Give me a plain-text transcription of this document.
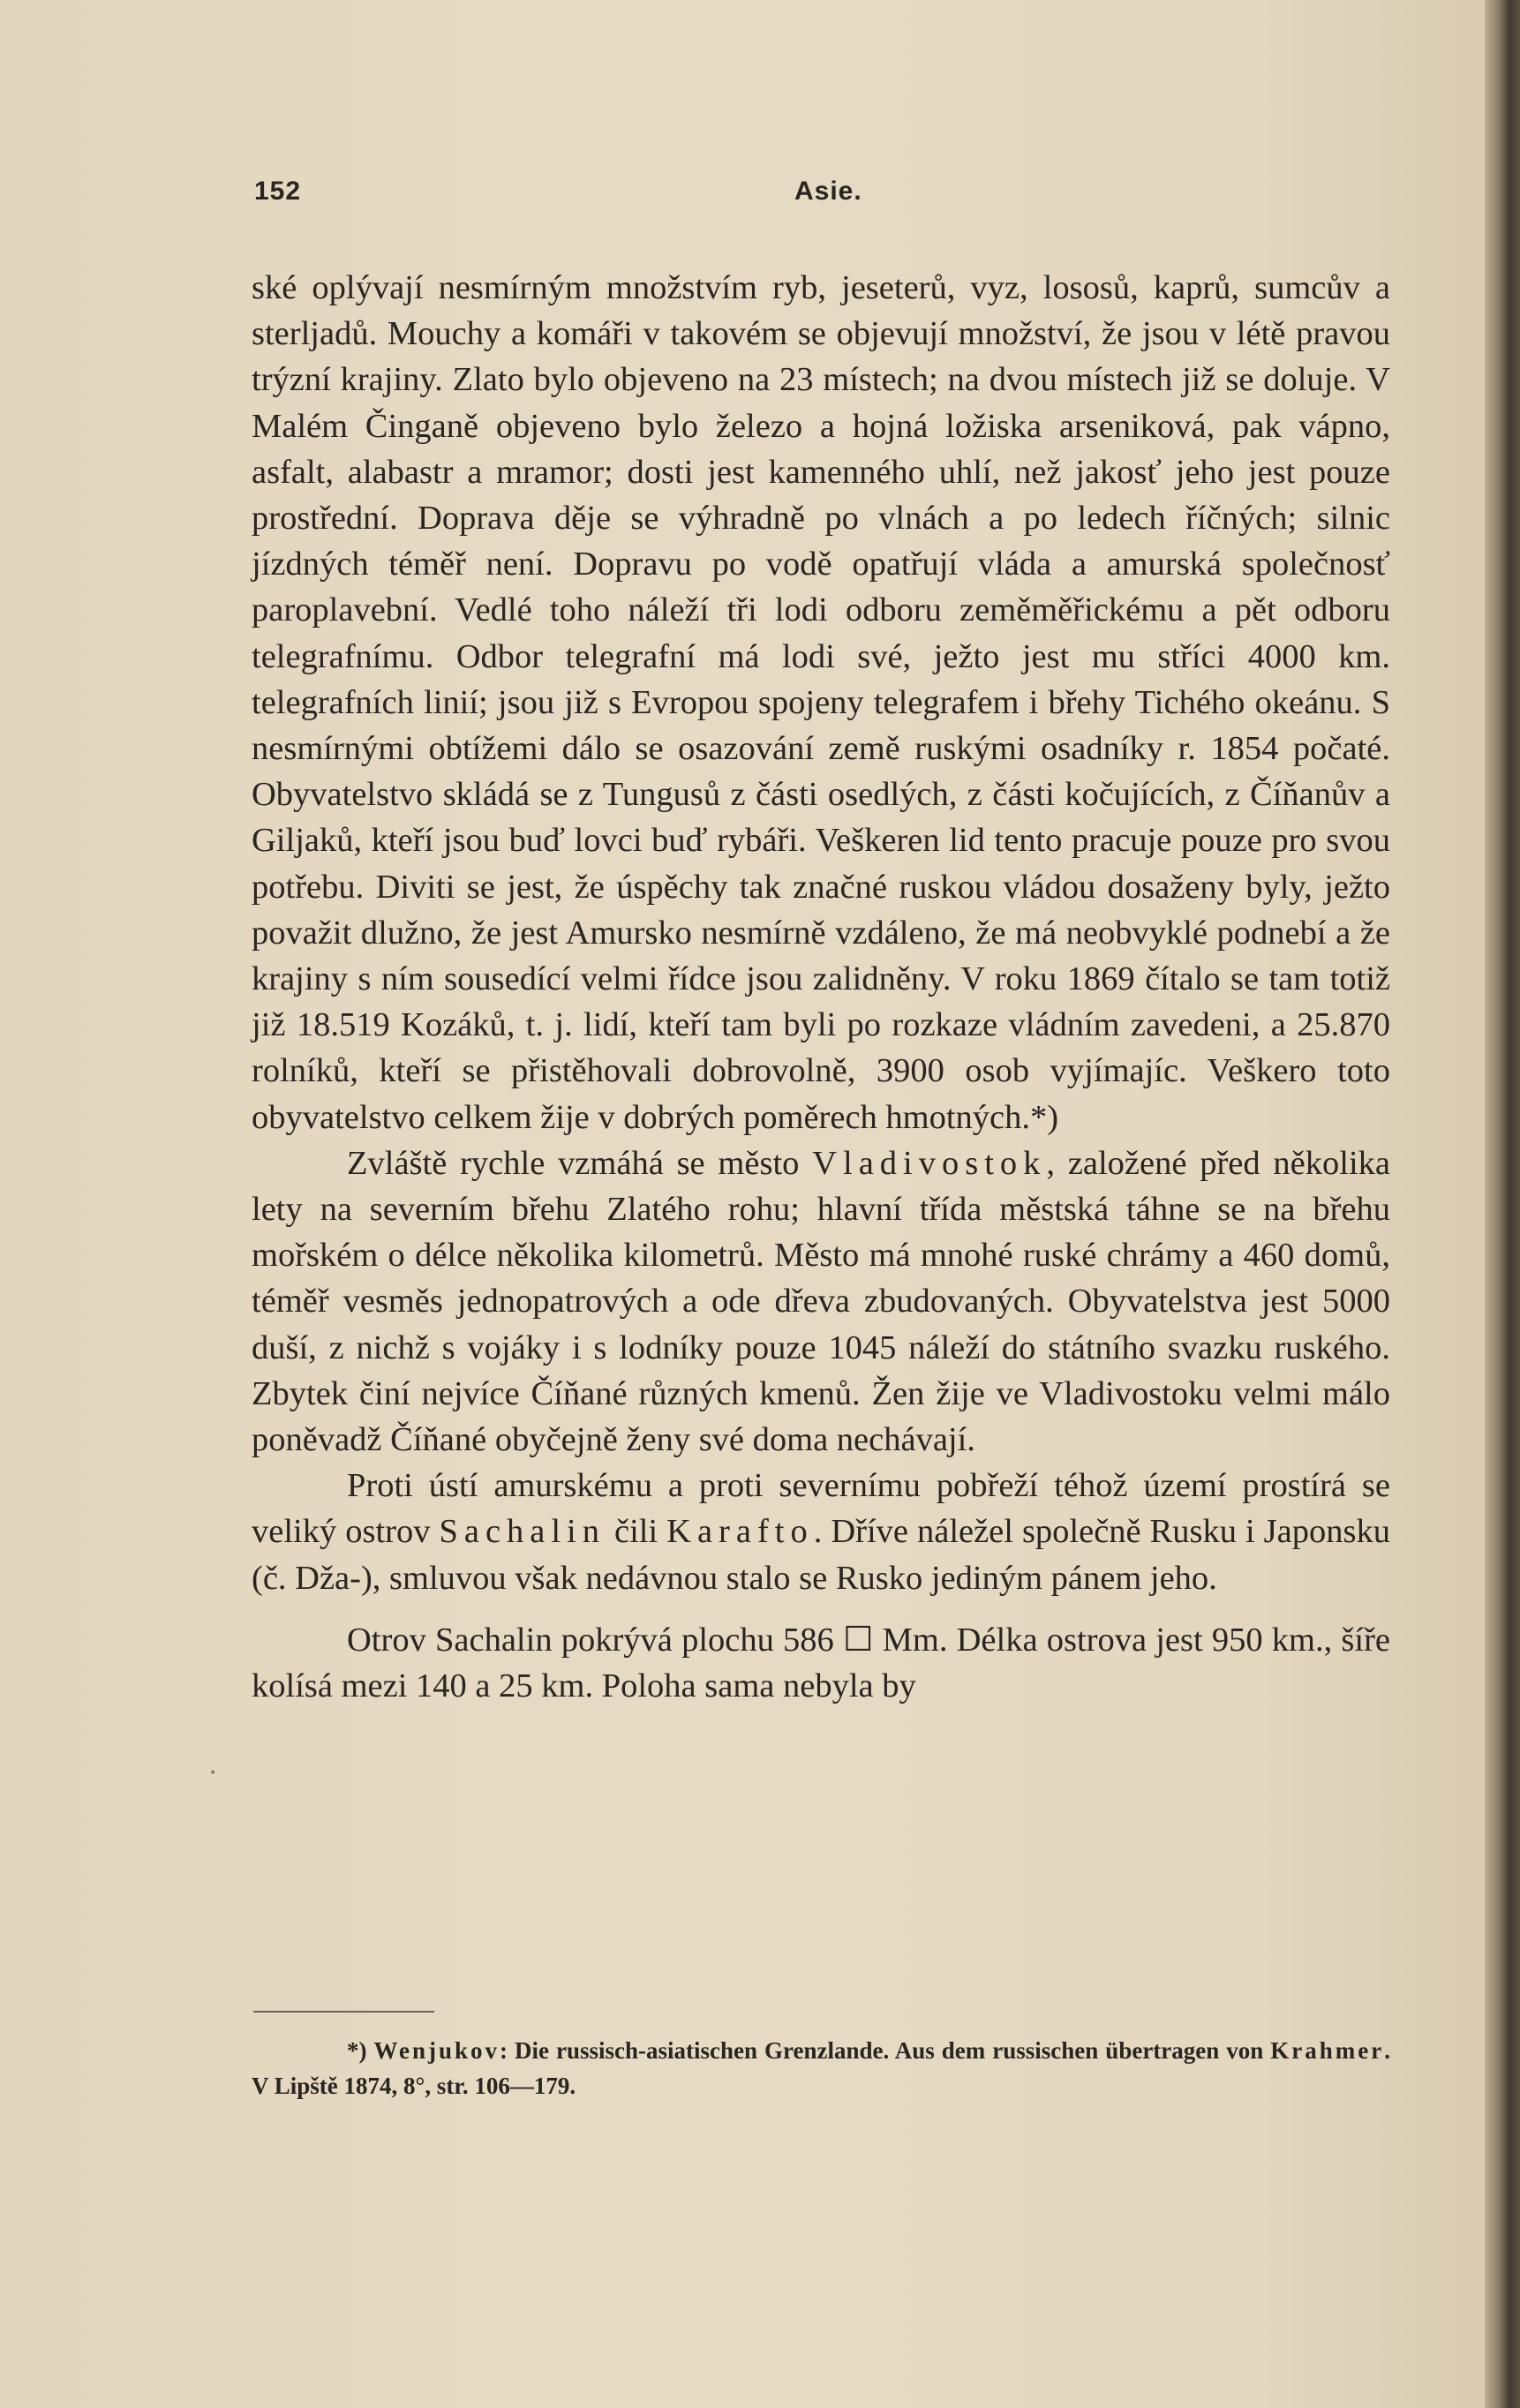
152	Asie.

ské oplývají nesmírným množstvím ryb, jeseterů, vyz, lososů, kaprů, sumcův a sterljadů. Mouchy a komáři v takovém se objevují množství, že jsou v létě pravou trýzní krajiny. Zlato bylo objeveno na 23 místech; na dvou místech již se doluje. V Malém Činganě objeveno bylo železo a hojná ložiska arseniková, pak vápno, asfalt, alabastr a mramor; dosti jest kamenného uhlí, než jakosť jeho jest pouze prostřední. Doprava děje se výhradně po vlnách a po ledech říčných; silnic jízdných téměř není. Dopravu po vodě opatřují vláda a amurská společnosť paroplavební. Vedlé toho náleží tři lodi odboru zeměměřickému a pět odboru telegrafnímu. Odbor telegrafní má lodi své, ježto jest mu stříci 4000 km. telegrafních linií; jsou již s Evropou spojeny telegrafem i břehy Tichého okeánu. S nesmírnými obtížemi dálo se osazování země ruskými osadníky r. 1854 počaté. Obyvatelstvo skládá se z Tungusů z části osedlých, z části kočujících, z Číňanův a Giljaků, kteří jsou buď lovci buď rybáři. Veškeren lid tento pracuje pouze pro svou potřebu. Diviti se jest, že úspěchy tak značné ruskou vládou dosaženy byly, ježto považit dlužno, že jest Amursko nesmírně vzdáleno, že má neobvyklé podnebí a že krajiny s ním sousedící velmi řídce jsou zalidněny. V roku 1869 čítalo se tam totiž již 18.519 Kozáků, t. j. lidí, kteří tam byli po rozkaze vládním zavedeni, a 25.870 rolníků, kteří se přistěhovali dobrovolně, 3900 osob vyjímajíc. Veškero toto obyvatelstvo celkem žije v dobrých poměrech hmotných.*)

Zvláště rychle vzmáhá se město Vladivostok, založené před několika lety na severním břehu Zlatého rohu; hlavní třída městská táhne se na břehu mořském o délce několika kilometrů. Město má mnohé ruské chrámy a 460 domů, téměř vesměs jednopatrových a ode dřeva zbudovaných. Obyvatelstva jest 5000 duší, z nichž s vojáky i s lodníky pouze 1045 náleží do státního svazku ruského. Zbytek činí nejvíce Číňané různých kmenů. Žen žije ve Vladivostoku velmi málo poněvadž Číňané obyčejně ženy své doma nechávají.

Proti ústí amurskému a proti severnímu pobřeží téhož území prostírá se veliký ostrov Sachalin čili Karafto. Dříve náležel společně Rusku i Japonsku (č. Dža-), smluvou však nedávnou stalo se Rusko jediným pánem jeho.

Otrov Sachalin pokrývá plochu 586 ☐ Mm. Délka ostrova jest 950 km., šíře kolísá mezi 140 a 25 km. Poloha sama nebyla by

•
*) Wenjukov: Die russisch-asiatischen Grenzlande. Aus dem russischen übertragen von Krahmer. V Lipště 1874, 8°, str. 106—179.
